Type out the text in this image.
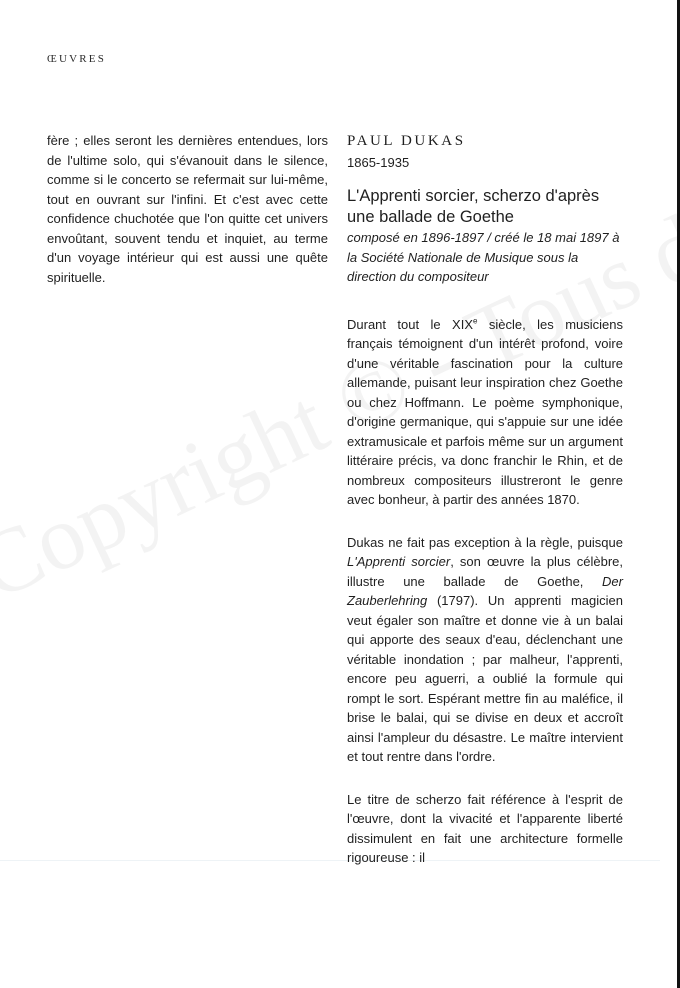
ŒUVRES

fère ; elles seront les dernières entendues, lors de l'ultime solo, qui s'évanouit dans le silence, comme si le concerto se refermait sur lui-même, tout en ouvrant sur l'infini. Et c'est avec cette confidence chuchotée que l'on quitte cet univers envoûtant, souvent tendu et inquiet, au terme d'un voyage intérieur qui est aussi une quête spirituelle.

PAUL DUKAS

1865-1935

L'Apprenti sorcier, scherzo d'après une ballade de Goethe

composé en 1896-1897 / créé le 18 mai 1897 à la Société Nationale de Musique sous la direction du compositeur

Durant tout le XIXe siècle, les musiciens français témoignent d'un intérêt profond, voire d'une véritable fascination pour la culture allemande, puisant leur inspiration chez Goethe ou chez Hoffmann. Le poème symphonique, d'origine germanique, qui s'appuie sur une idée extramusicale et parfois même sur un argument littéraire précis, va donc franchir le Rhin, et de nombreux compositeurs illustreront le genre avec bonheur, à partir des années 1870.

Dukas ne fait pas exception à la règle, puisque L'Apprenti sorcier, son œuvre la plus célèbre, illustre une ballade de Goethe, Der Zauberlehring (1797). Un apprenti magicien veut égaler son maître et donne vie à un balai qui apporte des seaux d'eau, déclenchant une véritable inondation ; par malheur, l'apprenti, encore peu aguerri, a oublié la formule qui rompt le sort. Espérant mettre fin au maléfice, il brise le balai, qui se divise en deux et accroît ainsi l'ampleur du désastre. Le maître intervient et tout rentre dans l'ordre.

Le titre de scherzo fait référence à l'esprit de l'œuvre, dont la vivacité et l'apparente liberté dissimulent en fait une architecture formelle rigoureuse : il
